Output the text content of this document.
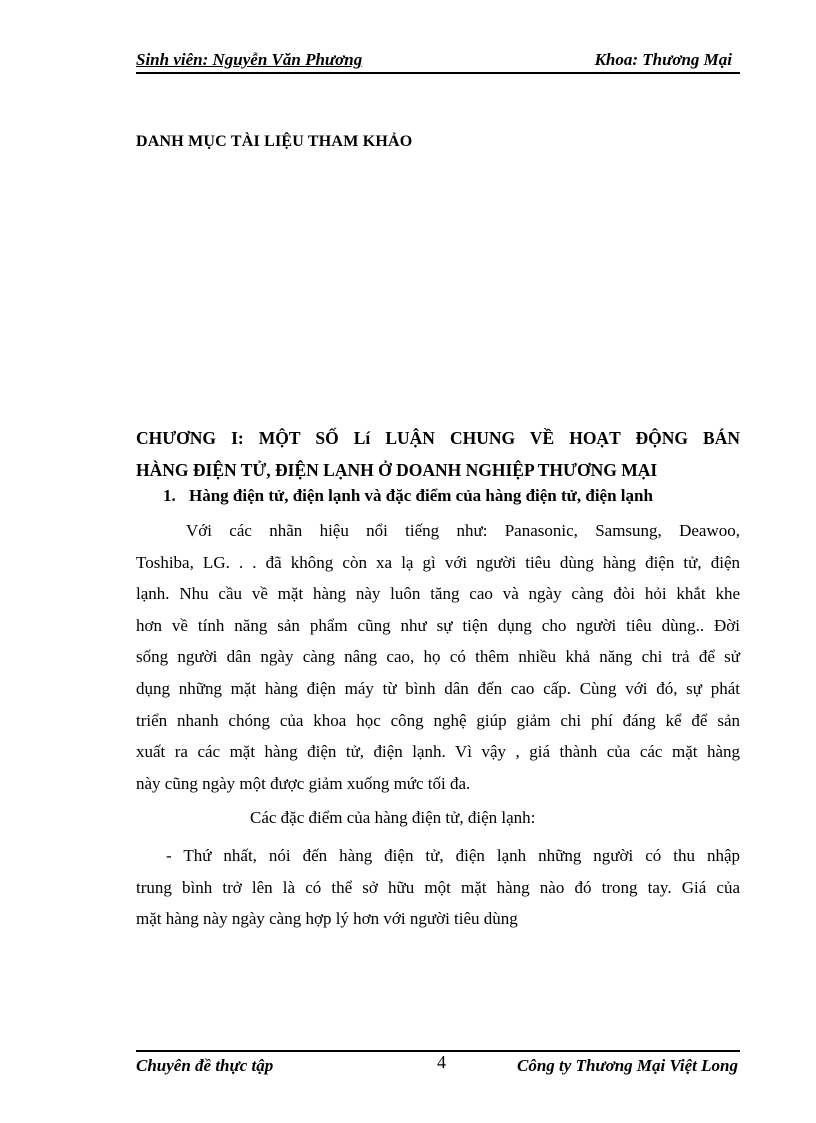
Sinh viên: Nguyễn Văn Phương	Khoa: Thương Mại
DANH MỤC TÀI LIỆU THAM KHẢO
CHƯƠNG I: MỘT SỐ Lí LUẬN CHUNG VỀ HOẠT ĐỘNG BÁN
HÀNG ĐIỆN TỬ, ĐIỆN LẠNH Ở DOANH NGHIỆP THƯƠNG MẠI
1. Hàng điện tử, điện lạnh và đặc điểm của hàng điện tử, điện lạnh
Với các nhãn hiệu nổi tiếng như: Panasonic, Samsung, Deawoo,
Toshiba, LG. . . đã không còn xa lạ gì với người tiêu dùng hàng điện tử, điện
lạnh. Nhu cầu về mặt hàng này luôn tăng cao và ngày càng đòi hỏi khắt khe
hơn về tính năng sản phẩm cũng như sự tiện dụng cho người tiêu dùng.. Đời
sống người dân ngày càng nâng cao, họ có thêm nhiều khả năng chi trả để sử
dụng những mặt hàng điện máy từ bình dân đến cao cấp. Cùng với đó, sự phát
triển nhanh chóng của khoa học công nghệ giúp giảm chi phí đáng kể để sản
xuất ra các mặt hàng điện tử, điện lạnh. Vì vậy , giá thành của các mặt hàng
này cũng ngày một được giảm xuống mức tối đa.
Các đặc điểm của hàng điện tử, điện lạnh:
- Thứ nhất, nói đến hàng điện tử, điện lạnh những người có thu nhập
trung bình trở lên là có thể sở hữu một mặt hàng nào đó trong tay. Giá của
mặt hàng này ngày càng hợp lý hơn với người tiêu dùng
Chuyên đề thực tập	4	Công ty Thương Mại Việt Long
